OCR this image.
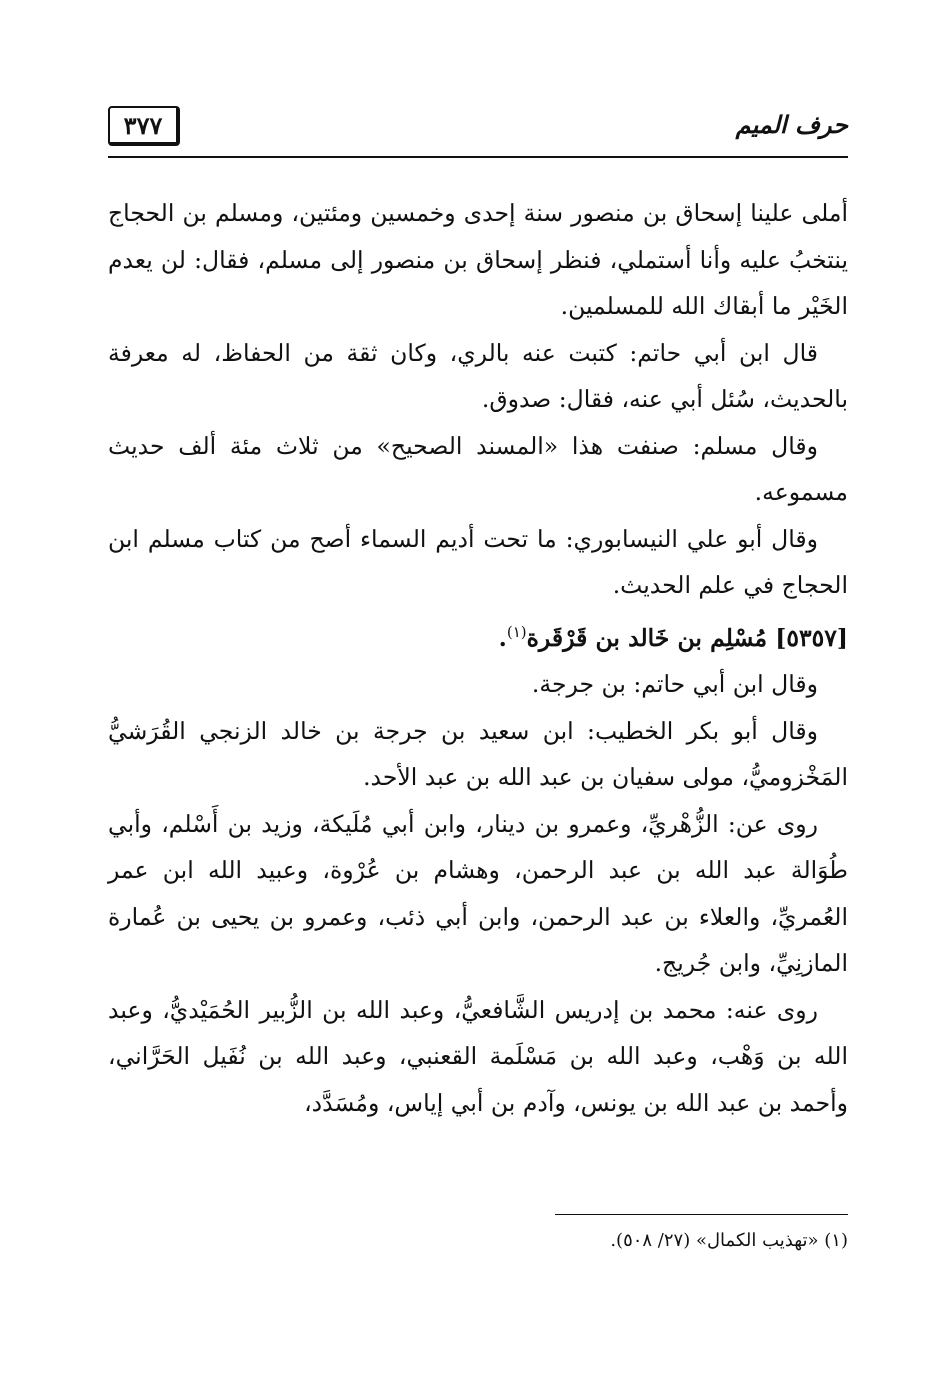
٣٧٧	حرف الميم

أملى علينا إسحاق بن منصور سنة إحدى وخمسين ومئتين، ومسلم بن الحجاج ينتخبُ عليه وأنا أستملي، فنظر إسحاق بن منصور إلى مسلم، فقال: لن يعدم الخَيْر ما أبقاك الله للمسلمين.

قال ابن أبي حاتم: كتبت عنه بالري، وكان ثقة من الحفاظ، له معرفة بالحديث، سُئل أبي عنه، فقال: صدوق.

وقال مسلم: صنفت هذا «المسند الصحيح» من ثلاث مئة ألف حديث مسموعه.

وقال أبو علي النيسابوري: ما تحت أديم السماء أصح من كتاب مسلم ابن الحجاج في علم الحديث.

[٥٣٥٧] مُسْلِم بن خَالد بن قَرْقَرة$^{(١)}$.

وقال ابن أبي حاتم: بن جرجة.

وقال أبو بكر الخطيب: ابن سعيد بن جرجة بن خالد الزنجي القُرَشيُّ المَخْزوميُّ، مولى سفيان بن عبد الله بن عبد الأحد.

روى عن: الزُّهْريِّ، وعمرو بن دينار، وابن أبي مُلَيكة، وزيد بن أَسْلم، وأبي طُوَالة عبد الله بن عبد الرحمن، وهشام بن عُرْوة، وعبيد الله ابن عمر العُمريِّ، والعلاء بن عبد الرحمن، وابن أبي ذئب، وعمرو بن يحيى بن عُمارة المازنِيِّ، وابن جُريج.

روى عنه: محمد بن إدريس الشَّافعيُّ، وعبد الله بن الزُّبير الحُمَيْديُّ، وعبد الله بن وَهْب، وعبد الله بن مَسْلَمة القعنبي، وعبد الله بن نُفَيل الحَرَّاني، وأحمد بن عبد الله بن يونس، وآدم بن أبي إياس، ومُسَدَّد،

(١) «تهذيب الكمال» (٢٧/ ٥٠٨).
